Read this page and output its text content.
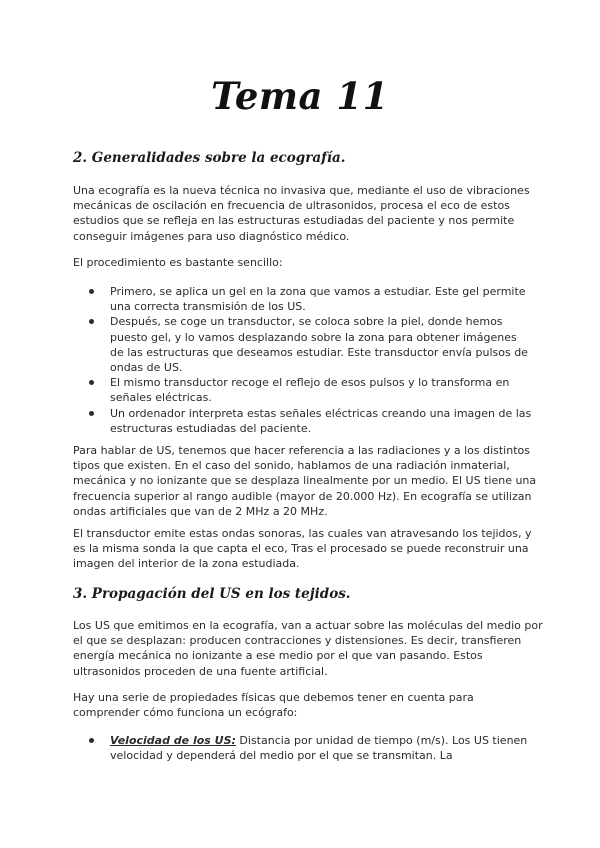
Tema 11
2. Generalidades sobre la ecografía.

Una ecografía es la nueva técnica no invasiva que, mediante el uso de vibraciones mecánicas de oscilación en frecuencia de ultrasonidos, procesa el eco de estos estudios que se refleja en las estructuras estudiadas del paciente y nos permite conseguir imágenes para uso diagnóstico médico.

El procedimiento es bastante sencillo:

Primero, se aplica un gel en la zona que vamos a estudiar. Este gel permite una correcta transmisión de los US.
Después, se coge un transductor, se coloca sobre la piel, donde hemos puesto gel, y lo vamos desplazando sobre la zona para obtener imágenes de las estructuras que deseamos estudiar. Este transductor envía pulsos de ondas de US.
El mismo transductor recoge el reflejo de esos pulsos y lo transforma en señales eléctricas.
Un ordenador interpreta estas señales eléctricas creando una imagen de las estructuras estudiadas del paciente.

Para hablar de US, tenemos que hacer referencia a las radiaciones y a los distintos tipos que existen. En el caso del sonido, hablamos de una radiación inmaterial, mecánica y no ionizante que se desplaza linealmente por un medio. El US tiene una frecuencia superior al rango audible (mayor de 20.000 Hz). En ecografía se utilizan ondas artificiales que van de 2 MHz a 20 MHz.

El transductor emite estas ondas sonoras, las cuales van atravesando los tejidos, y es la misma sonda la que capta el eco, Tras el procesado se puede reconstruir una imagen del interior de la zona estudiada.

3. Propagación del US en los tejidos.

Los US que emitimos en la ecografía, van a actuar sobre las moléculas del medio por el que se desplazan: producen contracciones y distensiones. Es decir, transfieren energía mecánica no ionizante a ese medio por el que van pasando. Estos ultrasonidos proceden de una fuente artificial.

Hay una serie de propiedades físicas que debemos tener en cuenta para comprender cómo funciona un ecógrafo:

Velocidad de los US: Distancia por unidad de tiempo (m/s). Los US tienen velocidad y dependerá del medio por el que se transmitan. La
